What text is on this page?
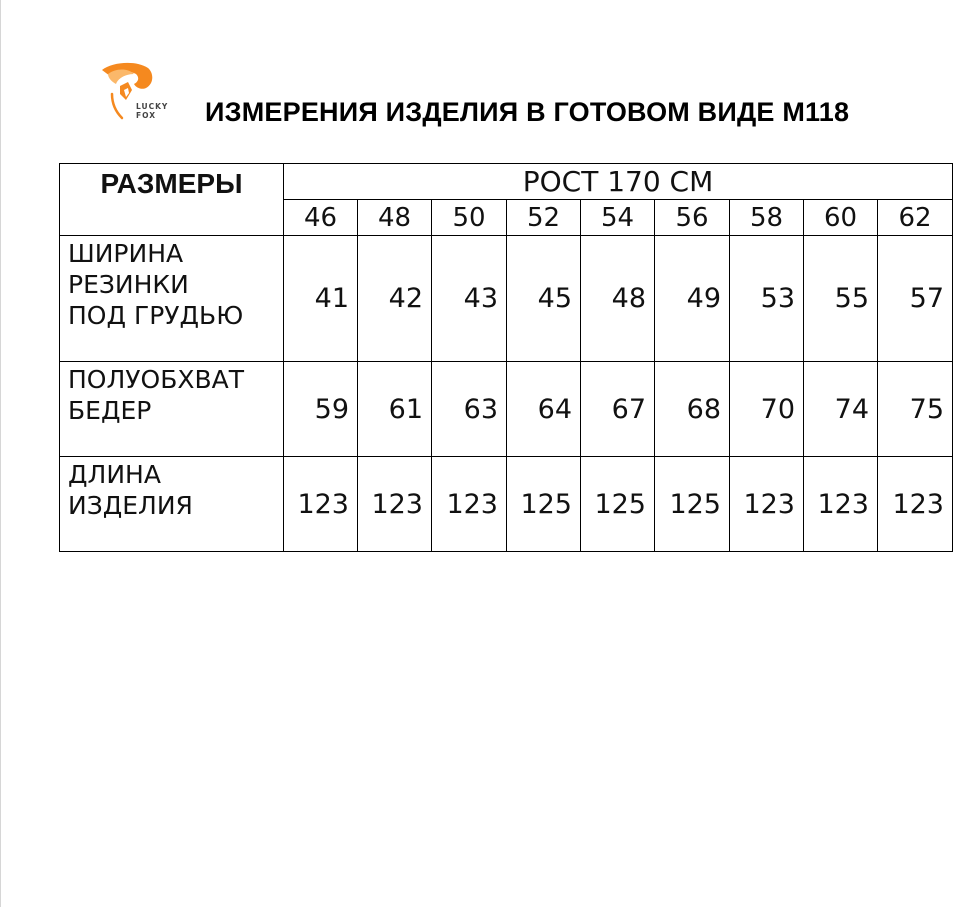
LUCKY
FOX	ИЗМЕРЕНИЯ ИЗДЕЛИЯ В ГОТОВОМ ВИДЕ М118
РАЗМЕРЫ	РОСТ 170 СМ								
	46	48	50	52	54	56	58	60	62
ШИРИНА
РЕЗИНКИ
ПОД ГРУДЬЮ	41	42	43	45	48	49	53	55	57
ПОЛУОБХВАТ
БЕДЕР	59	61	63	64	67	68	70	74	75
ДЛИНА
ИЗДЕЛИЯ	123	123	123	125	125	125	123	123	123
